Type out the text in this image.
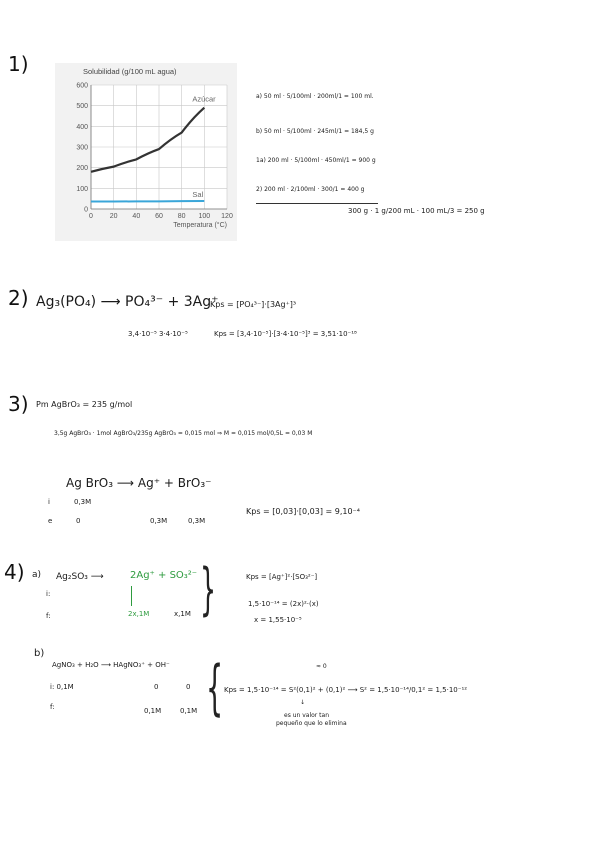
1)
0
100
200
300
400
500
600
0 20 40 60 80 100 120
Solubilidad (g/100 mL agua)
Temperatura (°C)
Azúcar
Sal
a) 50 ml · 5/100ml · 200ml/1 = 100 ml.
b) 50 ml · 5/100ml · 245ml/1 = 184,5 g
1a) 200 ml · 5/100ml · 450ml/1 = 900 g
2) 200 ml · 2/100ml · 300/1 = 400 g
300 g · 1 g/200 mL · 100 mL/3 = 250 g
2) Ag₃(PO₄) ⟶ PO₄³⁻ + 3Ag⁺
Kps = [PO₄³⁻]·[3Ag⁺]³
3,4·10⁻⁵ 3·4·10⁻⁵	Kps = [3,4·10⁻⁵]·[3·4·10⁻⁵]³ = 3,51·10⁻¹⁸
3) Pm AgBrO₃ = 235 g/mol
3,5g AgBrO₃ · 1mol AgBrO₃/235g AgBrO₃ = 0,015 mol ⇒ M = 0,015 mol/0,5L = 0,03 M
Ag BrO₃ ⟶ Ag⁺ + BrO₃⁻
i	0,3M
e	0	0,3M	0,3M
Kps = [0,03]·[0,03] = 9,10⁻⁴
4) a) Ag₂SO₃ ⟶	2Ag⁺ + SO₃²⁻
i:
f:	2x,1M	x,1M }	Kps = [Ag⁺]²·[SO₃²⁻]
1,5·10⁻¹⁴ = (2x)²·(x)
x = 1,55·10⁻⁵
b)
AgNO₃ + H₂O ⟶ HAgNO₃⁺ + OH⁻
i: 0,1M	0	0
f:	0,1M	0,1M {	≈ 0
Kps = 1,5·10⁻¹⁴ = S²(0,1)² + (0,1)² ⟶ S² = 1,5·10⁻¹⁴/0,1² = 1,5·10⁻¹²
↓
es un valor tan
pequeño que lo elimina
